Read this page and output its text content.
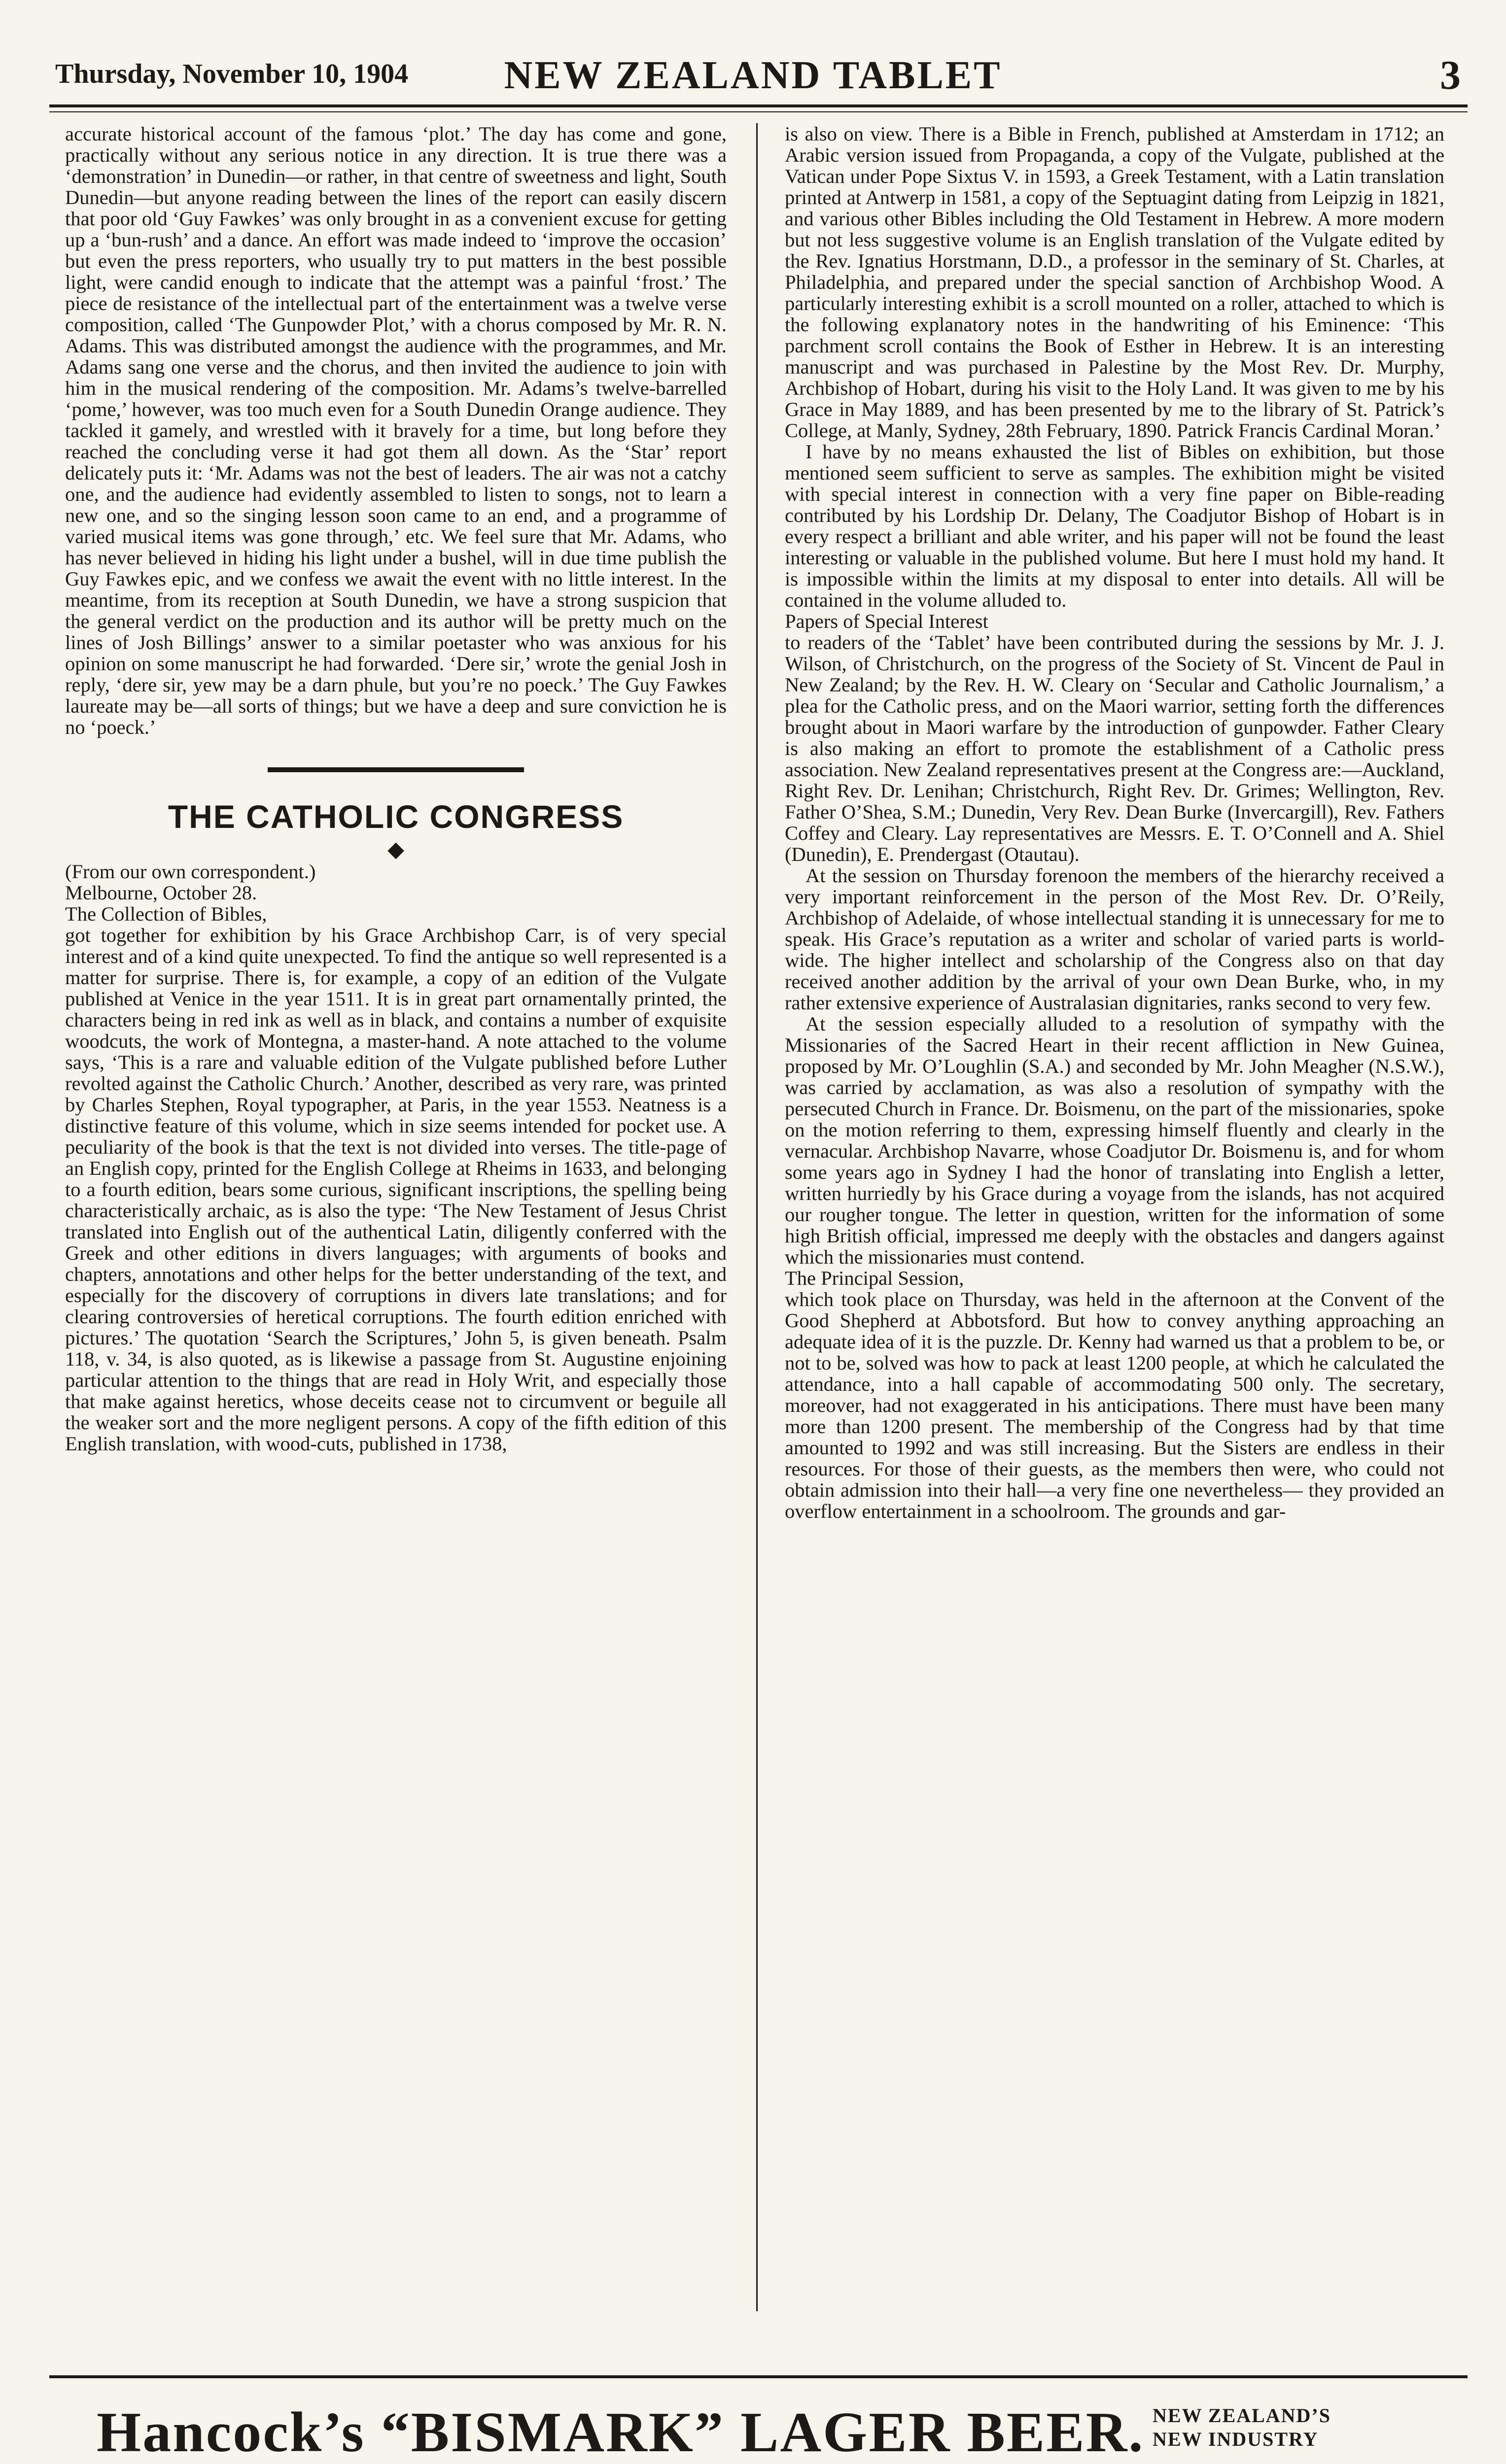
Thursday, November 10, 1904	NEW ZEALAND TABLET	3

accurate historical account of the famous ‘plot.’ The day has come and gone, practically without any serious notice in any direction. It is true there was a ‘demonstration’ in Dunedin—or rather, in that centre of sweetness and light, South Dunedin—but anyone reading between the lines of the report can easily discern that poor old ‘Guy Fawkes’ was only brought in as a convenient excuse for getting up a ‘bun-rush’ and a dance. An effort was made indeed to ‘improve the occasion’ but even the press reporters, who usually try to put matters in the best possible light, were candid enough to indicate that the attempt was a painful ‘frost.’ The piece de resistance of the intellectual part of the entertainment was a twelve verse composition, called ‘The Gunpowder Plot,’ with a chorus composed by Mr. R. N. Adams. This was distributed amongst the audience with the programmes, and Mr. Adams sang one verse and the chorus, and then invited the audience to join with him in the musical rendering of the composition. Mr. Adams’s twelve-barrelled ‘pome,’ however, was too much even for a South Dunedin Orange audience. They tackled it gamely, and wrestled with it bravely for a time, but long before they reached the concluding verse it had got them all down. As the ‘Star’ report delicately puts it: ‘Mr. Adams was not the best of leaders. The air was not a catchy one, and the audience had evidently assembled to listen to songs, not to learn a new one, and so the singing lesson soon came to an end, and a programme of varied musical items was gone through,’ etc. We feel sure that Mr. Adams, who has never believed in hiding his light under a bushel, will in due time publish the Guy Fawkes epic, and we confess we await the event with no little interest. In the meantime, from its reception at South Dunedin, we have a strong suspicion that the general verdict on the production and its author will be pretty much on the lines of Josh Billings’ answer to a similar poetaster who was anxious for his opinion on some manuscript he had forwarded. ‘Dere sir,’ wrote the genial Josh in reply, ‘dere sir, yew may be a darn phule, but you’re no poeck.’ The Guy Fawkes laureate may be—all sorts of things; but we have a deep and sure conviction he is no ‘poeck.’

THE CATHOLIC CONGRESS
◆

(From our own correspondent.)

Melbourne, October 28.

The Collection of Bibles,

got together for exhibition by his Grace Archbishop Carr, is of very special interest and of a kind quite unexpected. To find the antique so well represented is a matter for surprise. There is, for example, a copy of an edition of the Vulgate published at Venice in the year 1511. It is in great part ornamentally printed, the characters being in red ink as well as in black, and contains a number of exquisite woodcuts, the work of Montegna, a master-hand. A note attached to the volume says, ‘This is a rare and valuable edition of the Vulgate published before Luther revolted against the Catholic Church.’ Another, described as very rare, was printed by Charles Stephen, Royal typographer, at Paris, in the year 1553. Neatness is a distinctive feature of this volume, which in size seems intended for pocket use. A peculiarity of the book is that the text is not divided into verses. The title-page of an English copy, printed for the English College at Rheims in 1633, and belonging to a fourth edition, bears some curious, significant inscriptions, the spelling being characteristically archaic, as is also the type: ‘The New Testament of Jesus Christ translated into English out of the authentical Latin, diligently conferred with the Greek and other editions in divers languages; with arguments of books and chapters, annotations and other helps for the better understanding of the text, and especially for the discovery of corruptions in divers late translations; and for clearing controversies of heretical corruptions. The fourth edition enriched with pictures.’ The quotation ‘Search the Scriptures,’ John 5, is given beneath. Psalm 118, v. 34, is also quoted, as is likewise a passage from St. Augustine enjoining particular attention to the things that are read in Holy Writ, and especially those that make against heretics, whose deceits cease not to circumvent or beguile all the weaker sort and the more negligent persons. A copy of the fifth edition of this English translation, with wood-cuts, published in 1738,

is also on view. There is a Bible in French, published at Amsterdam in 1712; an Arabic version issued from Propaganda, a copy of the Vulgate, published at the Vatican under Pope Sixtus V. in 1593, a Greek Testament, with a Latin translation printed at Antwerp in 1581, a copy of the Septuagint dating from Leipzig in 1821, and various other Bibles including the Old Testament in Hebrew. A more modern but not less suggestive volume is an English translation of the Vulgate edited by the Rev. Ignatius Horstmann, D.D., a professor in the seminary of St. Charles, at Philadelphia, and prepared under the special sanction of Archbishop Wood. A particularly interesting exhibit is a scroll mounted on a roller, attached to which is the following explanatory notes in the handwriting of his Eminence: ‘This parchment scroll contains the Book of Esther in Hebrew. It is an interesting manuscript and was purchased in Palestine by the Most Rev. Dr. Murphy, Archbishop of Hobart, during his visit to the Holy Land. It was given to me by his Grace in May 1889, and has been presented by me to the library of St. Patrick’s College, at Manly, Sydney, 28th February, 1890. Patrick Francis Cardinal Moran.’

I have by no means exhausted the list of Bibles on exhibition, but those mentioned seem sufficient to serve as samples. The exhibition might be visited with special interest in connection with a very fine paper on Bible-reading contributed by his Lordship Dr. Delany, The Coadjutor Bishop of Hobart is in every respect a brilliant and able writer, and his paper will not be found the least interesting or valuable in the published volume. But here I must hold my hand. It is impossible within the limits at my disposal to enter into details. All will be contained in the volume alluded to.

Papers of Special Interest

to readers of the ‘Tablet’ have been contributed during the sessions by Mr. J. J. Wilson, of Christchurch, on the progress of the Society of St. Vincent de Paul in New Zealand; by the Rev. H. W. Cleary on ‘Secular and Catholic Journalism,’ a plea for the Catholic press, and on the Maori warrior, setting forth the differences brought about in Maori warfare by the introduction of gunpowder. Father Cleary is also making an effort to promote the establishment of a Catholic press association. New Zealand representatives present at the Congress are:—Auckland, Right Rev. Dr. Lenihan; Christchurch, Right Rev. Dr. Grimes; Wellington, Rev. Father O’Shea, S.M.; Dunedin, Very Rev. Dean Burke (Invercargill), Rev. Fathers Coffey and Cleary. Lay representatives are Messrs. E. T. O’Connell and A. Shiel (Dunedin), E. Prendergast (Otautau).

At the session on Thursday forenoon the members of the hierarchy received a very important reinforcement in the person of the Most Rev. Dr. O’Reily, Archbishop of Adelaide, of whose intellectual standing it is unnecessary for me to speak. His Grace’s reputation as a writer and scholar of varied parts is world-wide. The higher intellect and scholarship of the Congress also on that day received another addition by the arrival of your own Dean Burke, who, in my rather extensive experience of Australasian dignitaries, ranks second to very few.

At the session especially alluded to a resolution of sympathy with the Missionaries of the Sacred Heart in their recent affliction in New Guinea, proposed by Mr. O’Loughlin (S.A.) and seconded by Mr. John Meagher (N.S.W.), was carried by acclamation, as was also a resolution of sympathy with the persecuted Church in France. Dr. Boismenu, on the part of the missionaries, spoke on the motion referring to them, expressing himself fluently and clearly in the vernacular. Archbishop Navarre, whose Coadjutor Dr. Boismenu is, and for whom some years ago in Sydney I had the honor of translating into English a letter, written hurriedly by his Grace during a voyage from the islands, has not acquired our rougher tongue. The letter in question, written for the information of some high British official, impressed me deeply with the obstacles and dangers against which the missionaries must contend.

The Principal Session,

which took place on Thursday, was held in the afternoon at the Convent of the Good Shepherd at Abbotsford. But how to convey anything approaching an adequate idea of it is the puzzle. Dr. Kenny had warned us that a problem to be, or not to be, solved was how to pack at least 1200 people, at which he calculated the attendance, into a hall capable of accommodating 500 only. The secretary, moreover, had not exaggerated in his anticipations. There must have been many more than 1200 present. The membership of the Congress had by that time amounted to 1992 and was still increasing. But the Sisters are endless in their resources. For those of their guests, as the members then were, who could not obtain admission into their hall—a very fine one nevertheless— they provided an overflow entertainment in a schoolroom. The grounds and gar-

Hancock’s “BISMARK” LAGER BEER. NEW ZEALAND’S
NEW INDUSTRY
